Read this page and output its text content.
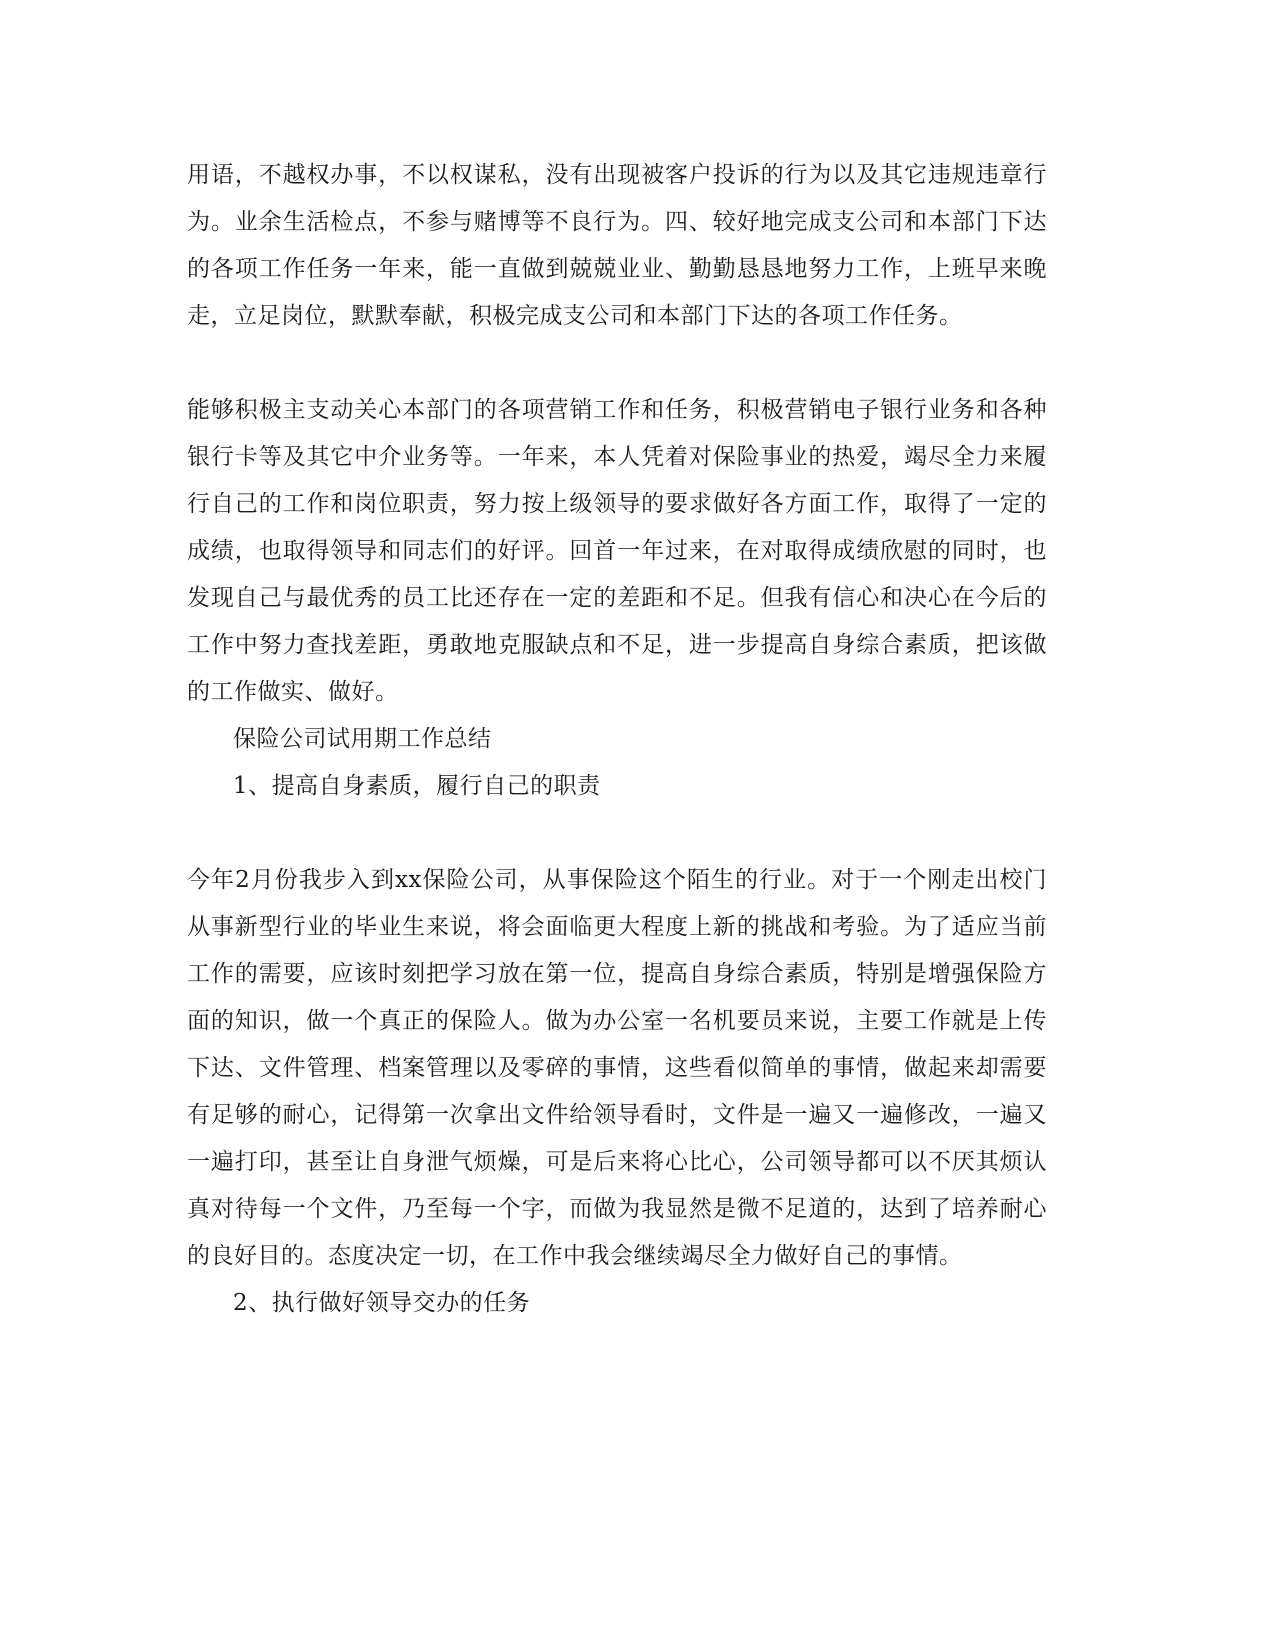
用语，不越权办事，不以权谋私，没有出现被客户投诉的行为以及其它违规违章行为。业余生活检点，不参与赌博等不良行为。四、较好地完成支公司和本部门下达的各项工作任务一年来，能一直做到兢兢业业、勤勤恳恳地努力工作，上班早来晚走，立足岗位，默默奉献，积极完成支公司和本部门下达的各项工作任务。

能够积极主支动关心本部门的各项营销工作和任务，积极营销电子银行业务和各种银行卡等及其它中介业务等。一年来，本人凭着对保险事业的热爱，竭尽全力来履行自己的工作和岗位职责，努力按上级领导的要求做好各方面工作，取得了一定的成绩，也取得领导和同志们的好评。回首一年过来，在对取得成绩欣慰的同时，也发现自己与最优秀的员工比还存在一定的差距和不足。但我有信心和决心在今后的工作中努力查找差距，勇敢地克服缺点和不足，进一步提高自身综合素质，把该做的工作做实、做好。

保险公司试用期工作总结

1、提高自身素质，履行自己的职责

今年2月份我步入到xx保险公司，从事保险这个陌生的行业。对于一个刚走出校门从事新型行业的毕业生来说，将会面临更大程度上新的挑战和考验。为了适应当前工作的需要，应该时刻把学习放在第一位，提高自身综合素质，特别是增强保险方面的知识，做一个真正的保险人。做为办公室一名机要员来说，主要工作就是上传下达、文件管理、档案管理以及零碎的事情，这些看似简单的事情，做起来却需要有足够的耐心，记得第一次拿出文件给领导看时，文件是一遍又一遍修改，一遍又一遍打印，甚至让自身泄气烦燥，可是后来将心比心，公司领导都可以不厌其烦认真对待每一个文件，乃至每一个字，而做为我显然是微不足道的，达到了培养耐心的良好目的。态度决定一切，在工作中我会继续竭尽全力做好自己的事情。

2、执行做好领导交办的任务
